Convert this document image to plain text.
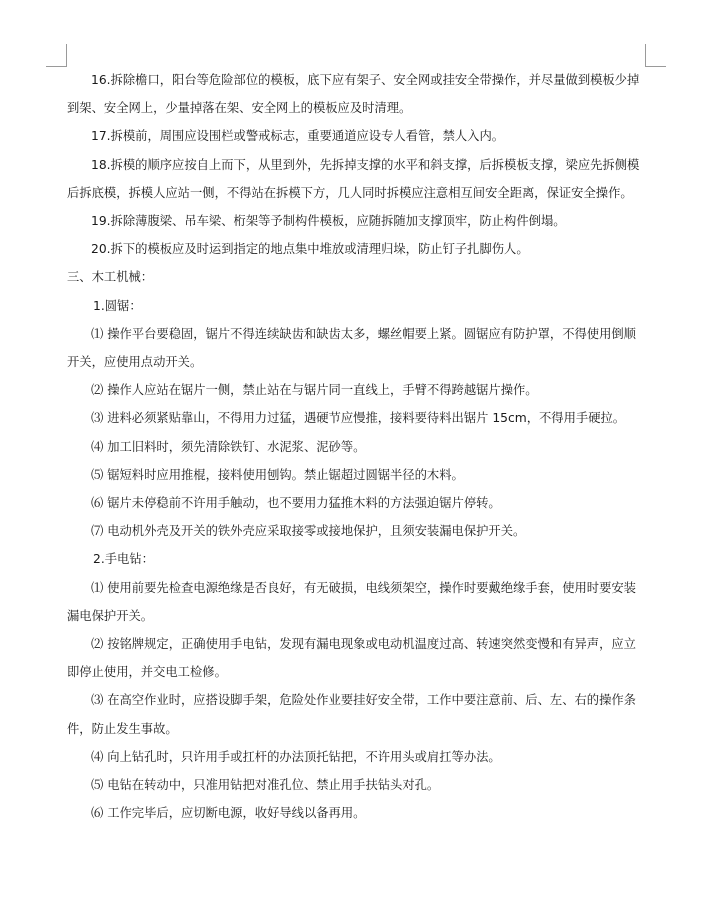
16.拆除檐口，阳台等危险部位的模板，底下应有架子、安全网或挂安全带操作，并尽量做到模板少掉到架、安全网上，少量掉落在架、安全网上的模板应及时清理。

17.拆模前，周围应设围栏或警戒标志，重要通道应设专人看管，禁人入内。

18.拆模的顺序应按自上而下，从里到外，先拆掉支撑的水平和斜支撑，后拆模板支撑，梁应先拆侧模后拆底模，拆模人应站一侧，不得站在拆模下方，几人同时拆模应注意相互间安全距离，保证安全操作。

19.拆除薄腹梁、吊车梁、桁架等予制构件模板，应随拆随加支撑顶牢，防止构件倒塌。

20.拆下的模板应及时运到指定的地点集中堆放或清理归垛，防止钉子扎脚伤人。

三、木工机械：

1.圆锯：

⑴ 操作平台要稳固，锯片不得连续缺齿和缺齿太多，螺丝帽要上紧。圆锯应有防护罩，不得使用倒顺开关，应使用点动开关。

⑵ 操作人应站在锯片一侧，禁止站在与锯片同一直线上，手臂不得跨越锯片操作。

⑶ 进料必须紧贴靠山，不得用力过猛，遇硬节应慢推，接料要待料出锯片 15cm，不得用手硬拉。

⑷ 加工旧料时，须先清除铁钉、水泥浆、泥砂等。

⑸ 锯短料时应用推棍，接料使用刨钩。禁止锯超过圆锯半径的木料。

⑹ 锯片未停稳前不许用手触动，也不要用力猛推木料的方法强迫锯片停转。

⑺ 电动机外壳及开关的铁外壳应采取接零或接地保护，且须安装漏电保护开关。

2.手电钻：

⑴ 使用前要先检查电源绝缘是否良好，有无破损，电线须架空，操作时要戴绝缘手套，使用时要安装漏电保护开关。

⑵ 按铭牌规定，正确使用手电钻，发现有漏电现象或电动机温度过高、转速突然变慢和有异声，应立即停止使用，并交电工检修。

⑶ 在高空作业时，应搭设脚手架，危险处作业要挂好安全带，工作中要注意前、后、左、右的操作条件，防止发生事故。

⑷ 向上钻孔时，只许用手或扛杆的办法顶托钻把，不许用头或肩扛等办法。

⑸ 电钻在转动中，只准用钻把对准孔位、禁止用手扶钻头对孔。

⑹ 工作完毕后，应切断电源，收好导线以备再用。
